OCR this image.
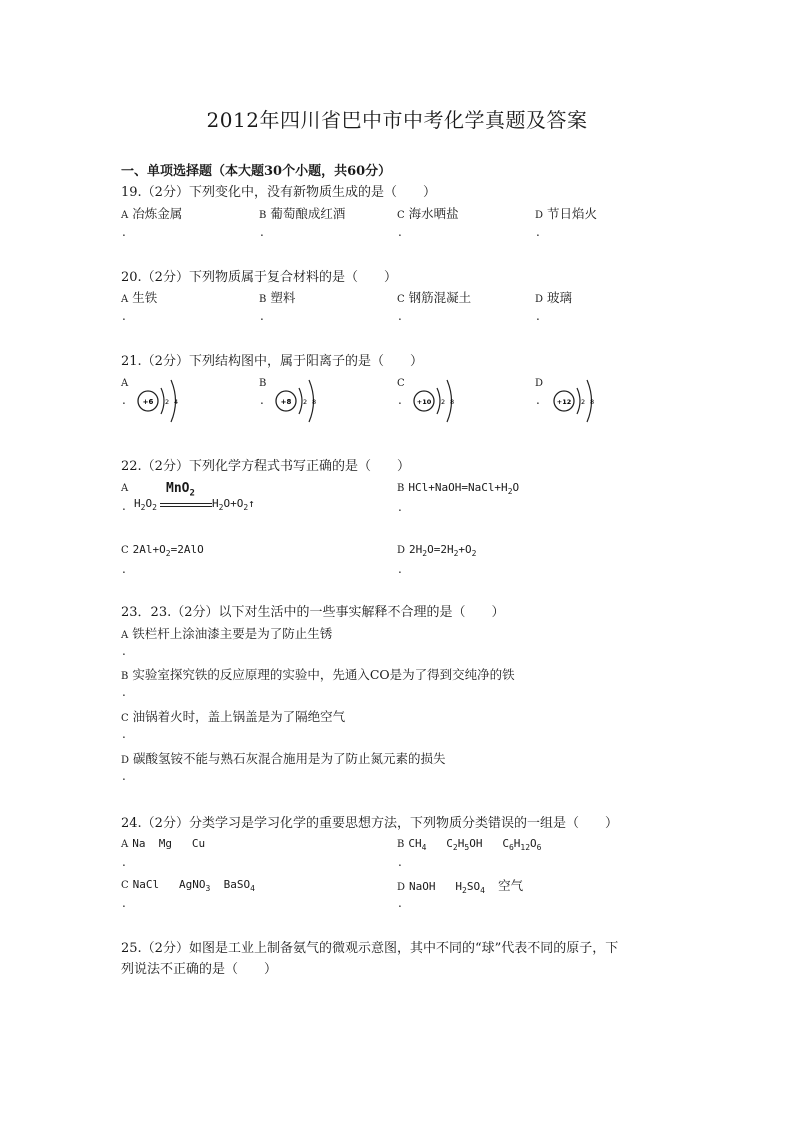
2012年四川省巴中市中考化学真题及答案
一、单项选择题（本大题30个小题，共60分）
19.（2分）下列变化中，没有新物质生成的是（　　）
A 冶炼金属	B 葡萄酿成红酒	C 海水晒盐	D 节日焰火
.	.	.	.
20.（2分）下列物质属于复合材料的是（　　）
A 生铁	B 塑料	C 钢筋混凝土	D 玻璃
.	.	.	.
21.（2分）下列结构图中，属于阳离子的是（　　）
A	B	C	D
.	.	.	.
+6 2 4	+8 2 8	+10 2 8	+12 2 8
22.（2分）下列化学方程式书写正确的是（　　）
A
. $H_2O_2$
MnO$_2$
$H_2O+O_2↑$
B $HCl+NaOH=NaCl+H_2O$
.
C $2Al+O_2=2AlO$
.
D $2H_2O=2H_2+O_2$
.
23．23.（2分）以下对生活中的一些事实解释不合理的是（　　）
A 铁栏杆上涂油漆主要是为了防止生锈
.
B 实验室探究铁的反应原理的实验中，先通入CO是为了得到交纯净的铁
.
C 油锅着火时，盖上锅盖是为了隔绝空气
.
D 碳酸氢铵不能与熟石灰混合施用是为了防止氮元素的损失
.
24.（2分）分类学习是学习化学的重要思想方法，下列物质分类错误的一组是（　　）
A Na  Mg   Cu
.
B $CH_4$   $C_2H_5OH$   $C_6H_{12}O_6$
.
C NaCl   AgNO$_3$  BaSO$_4$
.
D NaOH   $H_2SO_4$ 空气
.
25.（2分）如图是工业上制备氨气的微观示意图，其中不同的“球”代表不同的原子，下
列说法不正确的是（　　）
